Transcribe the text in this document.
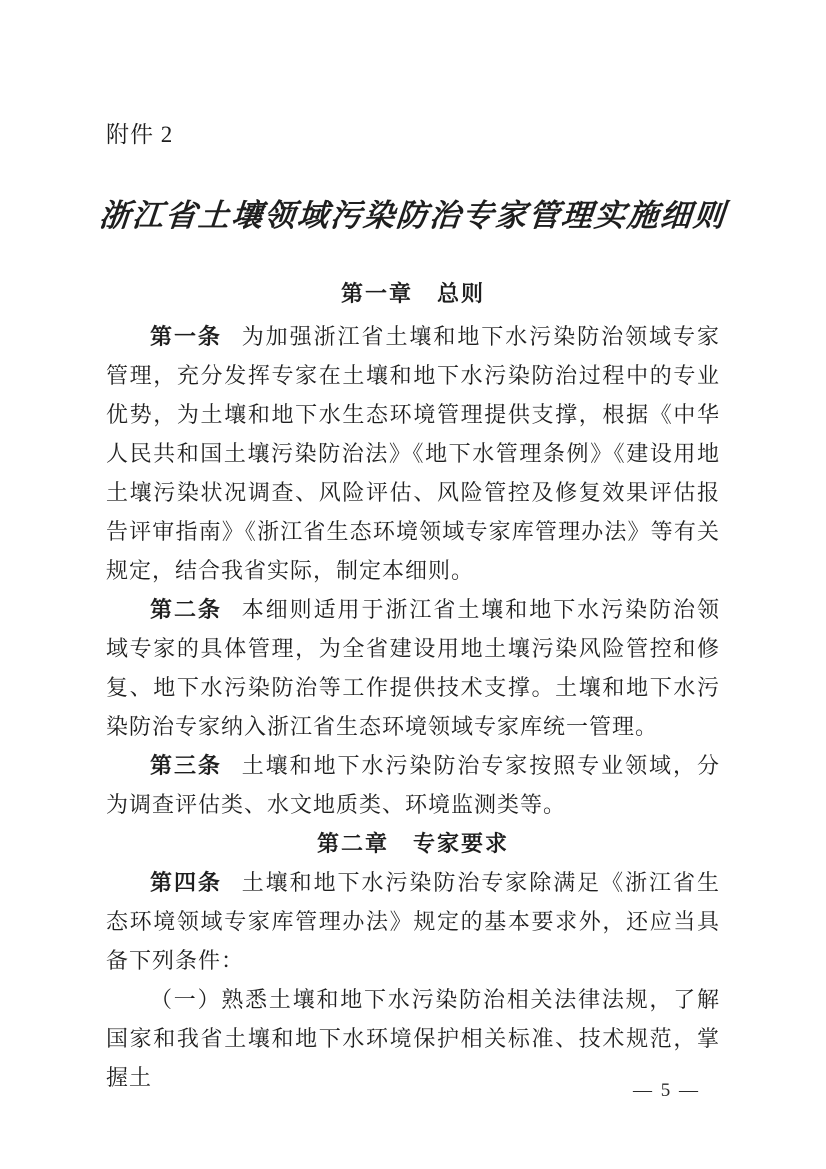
附件 2
浙江省土壤领域污染防治专家管理实施细则
第一章　总则

第一条 为加强浙江省土壤和地下水污染防治领域专家管理，充分发挥专家在土壤和地下水污染防治过程中的专业优势，为土壤和地下水生态环境管理提供支撑，根据《中华人民共和国土壤污染防治法》《地下水管理条例》《建设用地土壤污染状况调查、风险评估、风险管控及修复效果评估报告评审指南》《浙江省生态环境领域专家库管理办法》等有关规定，结合我省实际，制定本细则。

第二条 本细则适用于浙江省土壤和地下水污染防治领域专家的具体管理，为全省建设用地土壤污染风险管控和修复、地下水污染防治等工作提供技术支撑。土壤和地下水污染防治专家纳入浙江省生态环境领域专家库统一管理。

第三条 土壤和地下水污染防治专家按照专业领域，分为调查评估类、水文地质类、环境监测类等。

第二章　专家要求

第四条 土壤和地下水污染防治专家除满足《浙江省生态环境领域专家库管理办法》规定的基本要求外，还应当具备下列条件：

（一）熟悉土壤和地下水污染防治相关法律法规，了解国家和我省土壤和地下水环境保护相关标准、技术规范，掌握土

— 5 —
